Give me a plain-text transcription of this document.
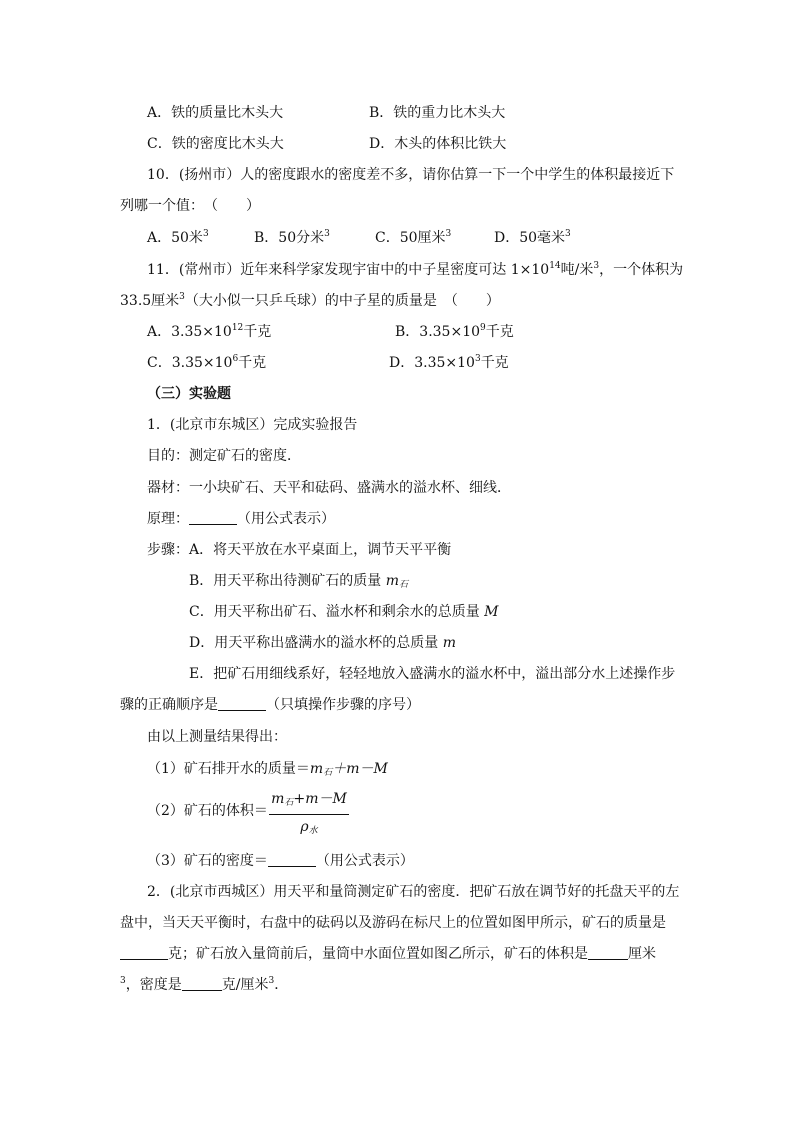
A．铁的质量比木头大	B．铁的重力比木头大
C．铁的密度比木头大	D．木头的体积比铁大
10．(扬州市）人的密度跟水的密度差不多，请你估算一下一个中学生的体积最接近下
列哪一个值：　（　　）
A．50米$^3$	B．50分米$^3$	C．50厘米$^3$	D．50毫米$^3$
11．(常州市）近年来科学家发现宇宙中的中子星密度可达 $1\times 10^{14}$吨/米$^3$，一个体积为
33.5厘米$^3$（大小似一只乒乓球）的中子星的质量是　（　　）
A．$3.35\times 10^{12}$千克	B．$3.35\times 10^9$千克
C．$3.35\times 10^6$千克	D．$3.35\times 10^3$千克
（三）实验题
1．(北京市东城区）完成实验报告
目的：测定矿石的密度．
器材：一小块矿石、天平和砝码、盛满水的溢水杯、细线．
原理：	（用公式表示）
步骤：A．将天平放在水平桌面上，调节天平平衡
B．用天平称出待测矿石的质量 $m_石$
C．用天平称出矿石、溢水杯和剩余水的总质量 M
D．用天平称出盛满水的溢水杯的总质量 m
E．把矿石用细线系好，轻轻地放入盛满水的溢水杯中，溢出部分水上述操作步
骤的正确顺序是	（只填操作步骤的序号）
由以上测量结果得出：
（1）矿石排开水的质量$=m_石+m-M$
（2）矿石的体积＝
$m_石+m-M$
$\rho_水$
（3）矿石的密度＝	（用公式表示）
2．(北京市西城区）用天平和量筒测定矿石的密度．把矿石放在调节好的托盘天平的左
盘中，当天天平衡时，右盘中的砝码以及游码在标尺上的位置如图甲所示，矿石的质量是
克；矿石放入量筒前后，量筒中水面位置如图乙所示，矿石的体积是	厘米
$^3$，密度是	克/厘米$^3$．
